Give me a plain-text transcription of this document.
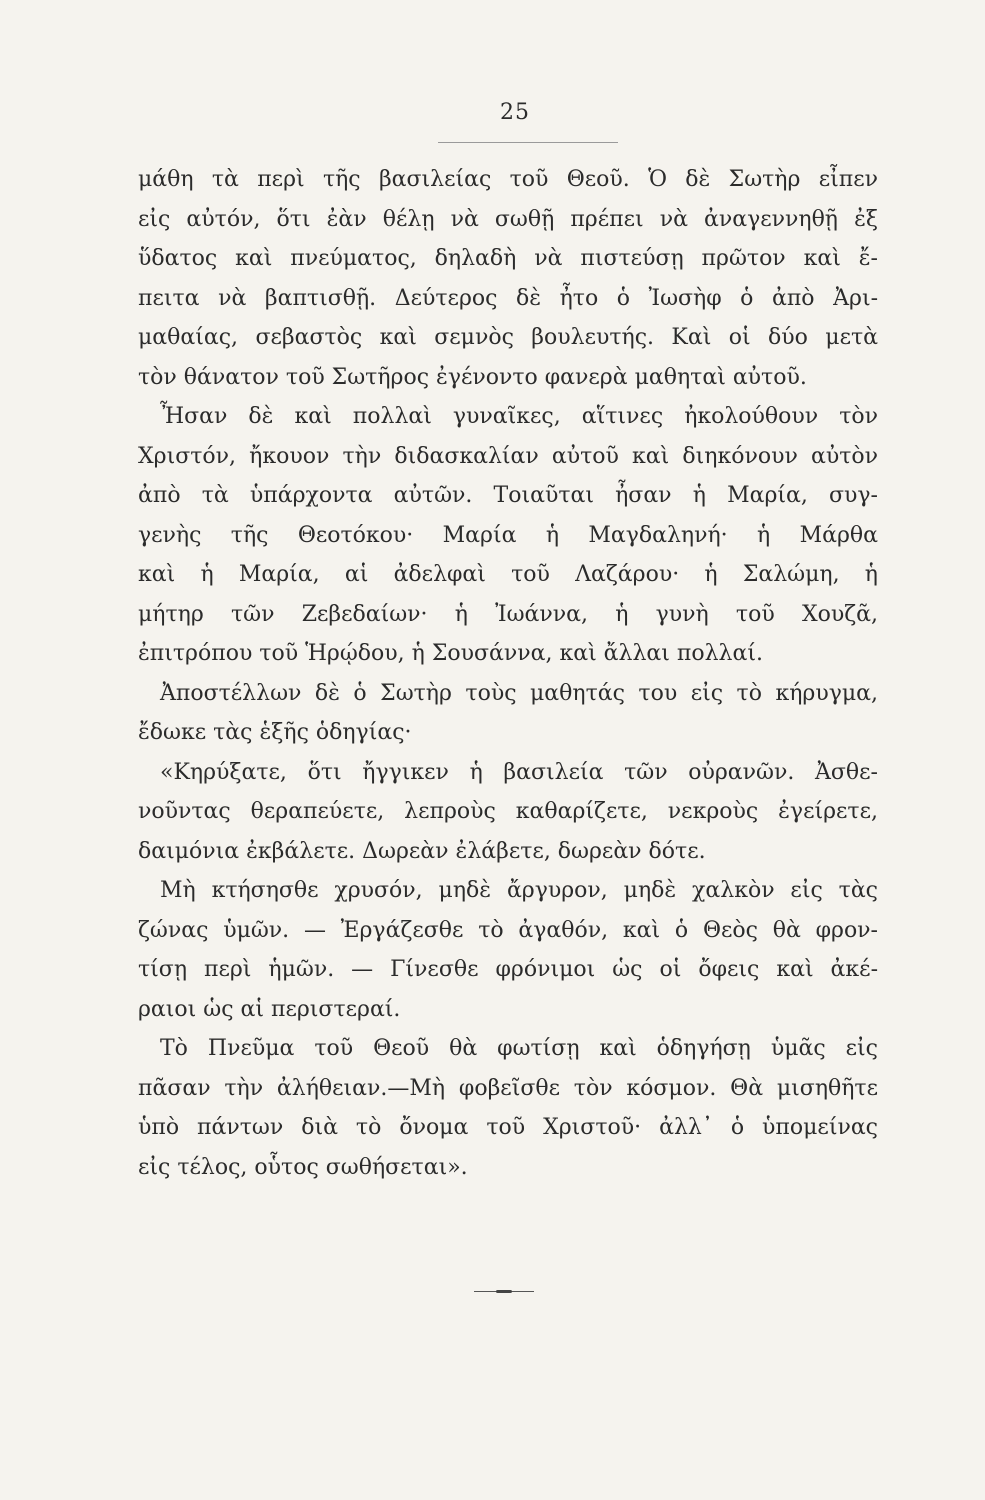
25
μάθη τὰ περὶ τῆς βασιλείας τοῦ Θεοῦ. Ὁ δὲ Σωτὴρ εἶπεν
εἰς αὐτόν, ὅτι ἐὰν θέλῃ νὰ σωθῇ πρέπει νὰ ἀναγεννηθῇ ἐξ
ὕδατος καὶ πνεύματος, δηλαδὴ νὰ πιστεύσῃ πρῶτον καὶ ἔ-
πειτα νὰ βαπτισθῇ. Δεύτερος δὲ ἦτο ὁ Ἰωσὴφ ὁ ἀπὸ Ἀρι-
μαθαίας, σεβαστὸς καὶ σεμνὸς βουλευτής. Καὶ οἱ δύο μετὰ
τὸν θάνατον τοῦ Σωτῆρος ἐγένοντο φανερὰ μαθηταὶ αὐτοῦ.
Ἦσαν δὲ καὶ πολλαὶ γυναῖκες, αἵτινες ἠκολούθουν τὸν
Χριστόν, ἤκουον τὴν διδασκαλίαν αὐτοῦ καὶ διηκόνουν αὐτὸν
ἀπὸ τὰ ὑπάρχοντα αὐτῶν. Τοιαῦται ἦσαν ἡ Μαρία, συγ-
γενὴς τῆς Θεοτόκου· Μαρία ἡ Μαγδαληνή· ἡ Μάρθα
καὶ ἡ Μαρία, αἱ ἀδελφαὶ τοῦ Λαζάρου· ἡ Σαλώμη, ἡ
μήτηρ τῶν Ζεβεδαίων· ἡ Ἰωάννα, ἡ γυνὴ τοῦ Χουζᾶ,
ἐπιτρόπου τοῦ Ἡρῴδου, ἡ Σουσάννα, καὶ ἄλλαι πολλαί.
Ἀποστέλλων δὲ ὁ Σωτὴρ τοὺς μαθητάς του εἰς τὸ κήρυγμα,
ἔδωκε τὰς ἑξῆς ὁδηγίας·
«Κηρύξατε, ὅτι ἤγγικεν ἡ βασιλεία τῶν οὐρανῶν. Ἀσθε-
νοῦντας θεραπεύετε, λεπροὺς καθαρίζετε, νεκροὺς ἐγείρετε,
δαιμόνια ἐκβάλετε. Δωρεὰν ἐλάβετε, δωρεὰν δότε.
Μὴ κτήσησθε χρυσόν, μηδὲ ἄργυρον, μηδὲ χαλκὸν εἰς τὰς
ζώνας ὑμῶν. — Ἐργάζεσθε τὸ ἀγαθόν, καὶ ὁ Θεὸς θὰ φρον-
τίσῃ περὶ ἡμῶν. — Γίνεσθε φρόνιμοι ὡς οἱ ὄφεις καὶ ἀκέ-
ραιοι ὡς αἱ περιστεραί.
Τὸ Πνεῦμα τοῦ Θεοῦ θὰ φωτίσῃ καὶ ὁδηγήσῃ ὑμᾶς εἰς
πᾶσαν τὴν ἀλήθειαν.—Μὴ φοβεῖσθε τὸν κόσμον. Θὰ μισηθῆτε
ὑπὸ πάντων διὰ τὸ ὄνομα τοῦ Χριστοῦ· ἀλλ᾽ ὁ ὑπομείνας
εἰς τέλος, οὗτος σωθήσεται».
